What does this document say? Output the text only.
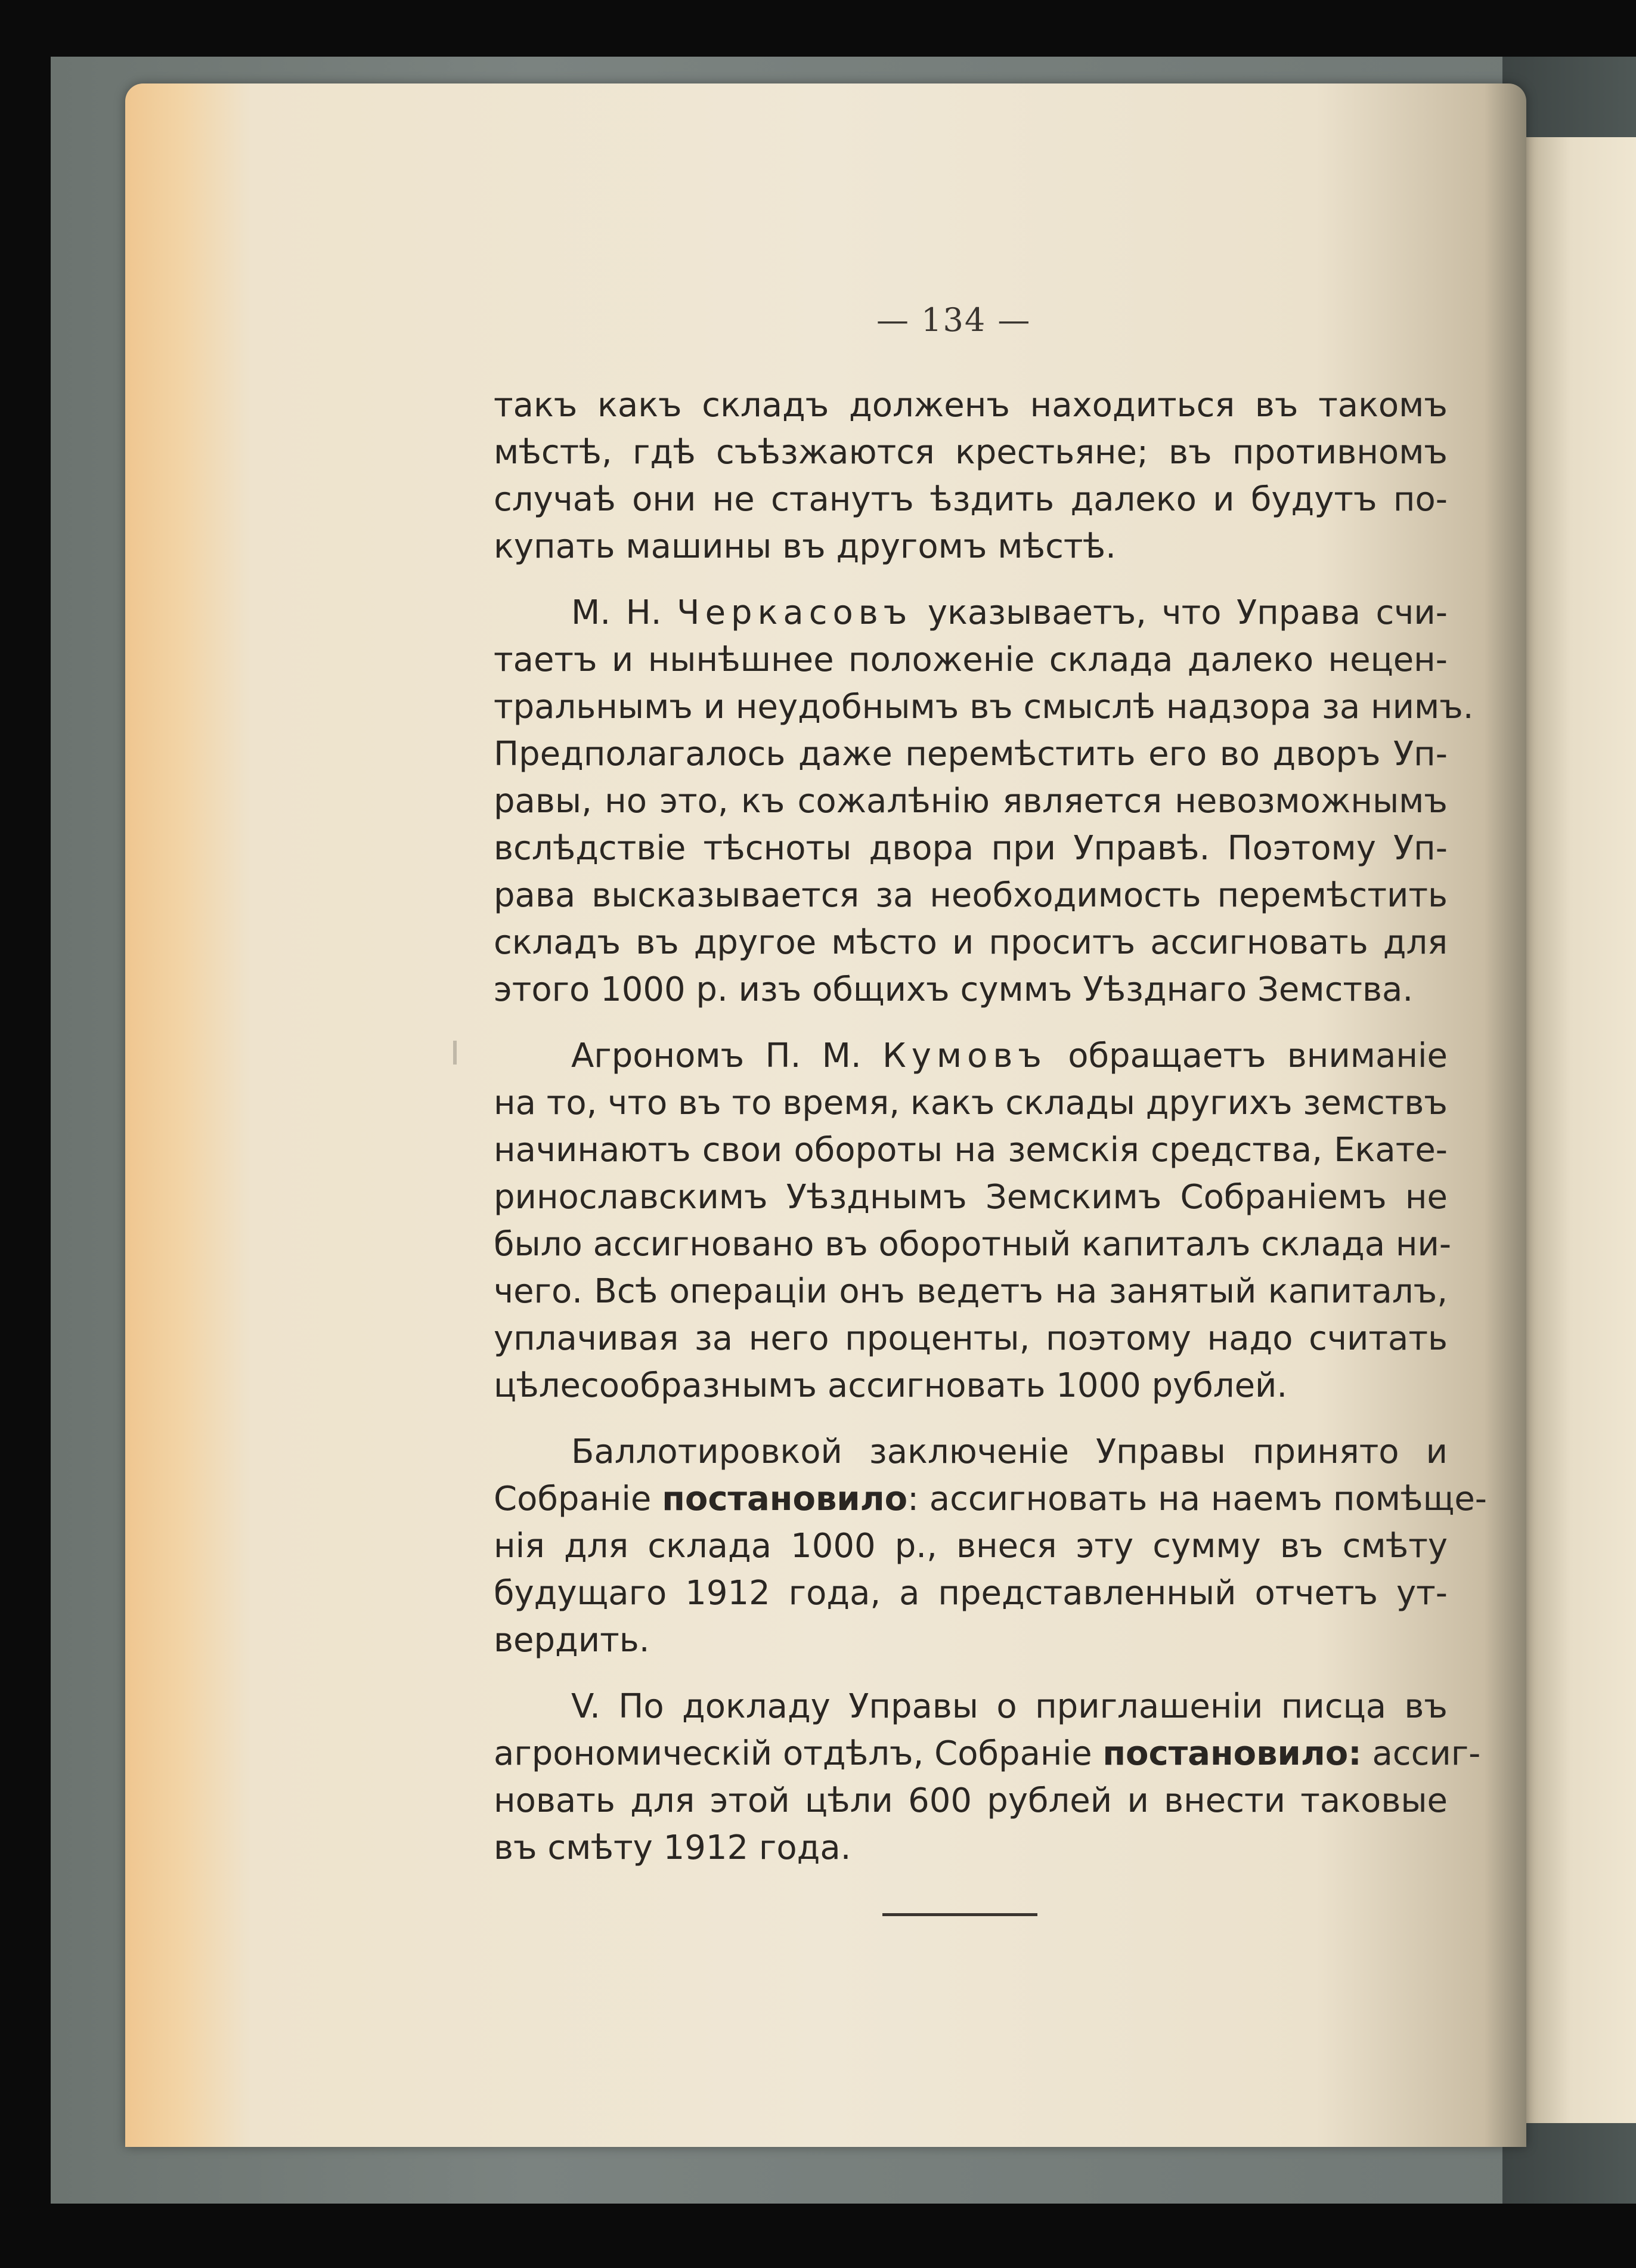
— 134 —
такъ какъ складъ долженъ находиться въ такомъ
мѣстѣ, гдѣ съѣзжаются крестьяне; въ противномъ
случаѣ они не станутъ ѣздить далеко и будутъ по-
купать машины въ другомъ мѣстѣ.
М. Н. Черкасовъ указываетъ, что Управа счи-
таетъ и нынѣшнее положеніе склада далеко нецен-
тральнымъ и неудобнымъ въ смыслѣ надзора за нимъ.
Предполагалось даже перемѣстить его во дворъ Уп-
равы, но это, къ сожалѣнію является невозможнымъ
вслѣдствіе тѣсноты двора при Управѣ. Поэтому Уп-
рава высказывается за необходимость перемѣстить
складъ въ другое мѣсто и проситъ ассигновать для
этого 1000 р. изъ общихъ суммъ Уѣзднаго Земства.
Агрономъ П. М. Кумовъ обращаетъ вниманіе
на то, что въ то время, какъ склады другихъ земствъ
начинаютъ свои обороты на земскія средства, Екате-
ринославскимъ Уѣзднымъ Земскимъ Собраніемъ не
было ассигновано въ оборотный капиталъ склада ни-
чего. Всѣ операціи онъ ведетъ на занятый капиталъ,
уплачивая за него проценты, поэтому надо считать
цѣлесообразнымъ ассигновать 1000 рублей.
Баллотировкой заключеніе Управы принято и
Собраніе постановило: ассигновать на наемъ помѣще-
нія для склада 1000 р., внеся эту сумму въ смѣту
будущаго 1912 года, а представленный отчетъ ут-
вердить.
V. По докладу Управы о приглашеніи писца въ
агрономическій отдѣлъ, Собраніе постановило: ассиг-
новать для этой цѣли 600 рублей и внести таковые
въ смѣту 1912 года.
